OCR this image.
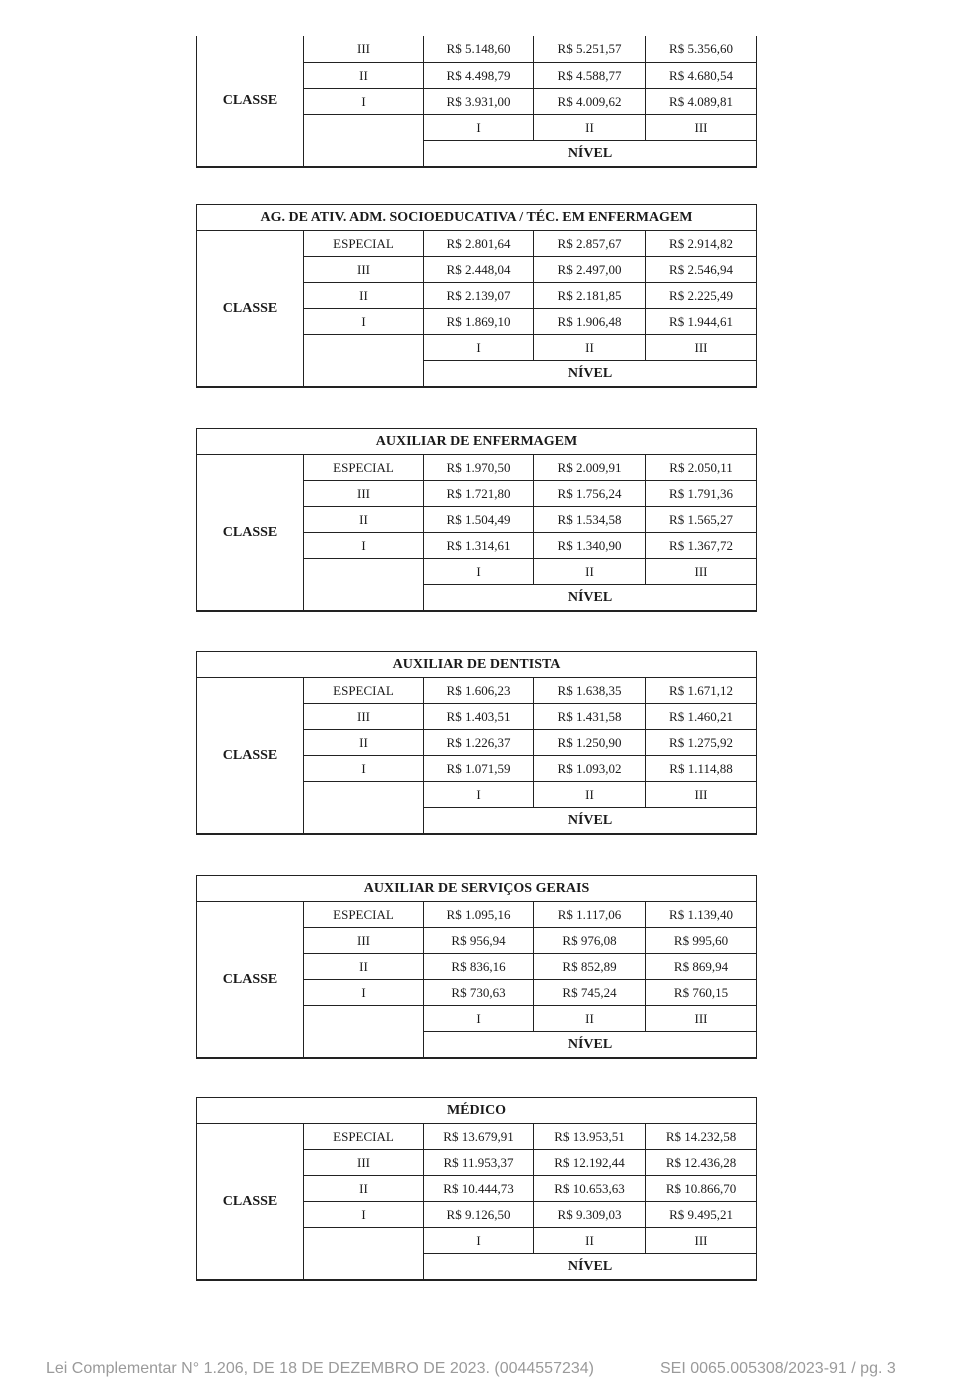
CLASSE	III	R$ 5.148,60	R$ 5.251,57	R$ 5.356,60
	II	R$ 4.498,79	R$ 4.588,77	R$ 4.680,54
	I	R$ 3.931,00	R$ 4.009,62	R$ 4.089,81
		I	II	III
		NÍVEL		
AG. DE ATIV. ADM. SOCIOEDUCATIVA / TÉC. EM ENFERMAGEM				
CLASSE	ESPECIAL	R$ 2.801,64	R$ 2.857,67	R$ 2.914,82
	III	R$ 2.448,04	R$ 2.497,00	R$ 2.546,94
	II	R$ 2.139,07	R$ 2.181,85	R$ 2.225,49
	I	R$ 1.869,10	R$ 1.906,48	R$ 1.944,61
		I	II	III
		NÍVEL		
AUXILIAR DE ENFERMAGEM				
CLASSE	ESPECIAL	R$ 1.970,50	R$ 2.009,91	R$ 2.050,11
	III	R$ 1.721,80	R$ 1.756,24	R$ 1.791,36
	II	R$ 1.504,49	R$ 1.534,58	R$ 1.565,27
	I	R$ 1.314,61	R$ 1.340,90	R$ 1.367,72
		I	II	III
		NÍVEL		
AUXILIAR DE DENTISTA				
CLASSE	ESPECIAL	R$ 1.606,23	R$ 1.638,35	R$ 1.671,12
	III	R$ 1.403,51	R$ 1.431,58	R$ 1.460,21
	II	R$ 1.226,37	R$ 1.250,90	R$ 1.275,92
	I	R$ 1.071,59	R$ 1.093,02	R$ 1.114,88
		I	II	III
		NÍVEL		
AUXILIAR DE SERVIÇOS GERAIS				
CLASSE	ESPECIAL	R$ 1.095,16	R$ 1.117,06	R$ 1.139,40
	III	R$ 956,94	R$ 976,08	R$ 995,60
	II	R$ 836,16	R$ 852,89	R$ 869,94
	I	R$ 730,63	R$ 745,24	R$ 760,15
		I	II	III
		NÍVEL		
MÉDICO				
CLASSE	ESPECIAL	R$ 13.679,91	R$ 13.953,51	R$ 14.232,58
	III	R$ 11.953,37	R$ 12.192,44	R$ 12.436,28
	II	R$ 10.444,73	R$ 10.653,63	R$ 10.866,70
	I	R$ 9.126,50	R$ 9.309,03	R$ 9.495,21
		I	II	III
		NÍVEL		
Lei Complementar N° 1.206, DE 18 DE DEZEMBRO DE 2023. (0044557234)	SEI 0065.005308/2023-91 / pg. 3
